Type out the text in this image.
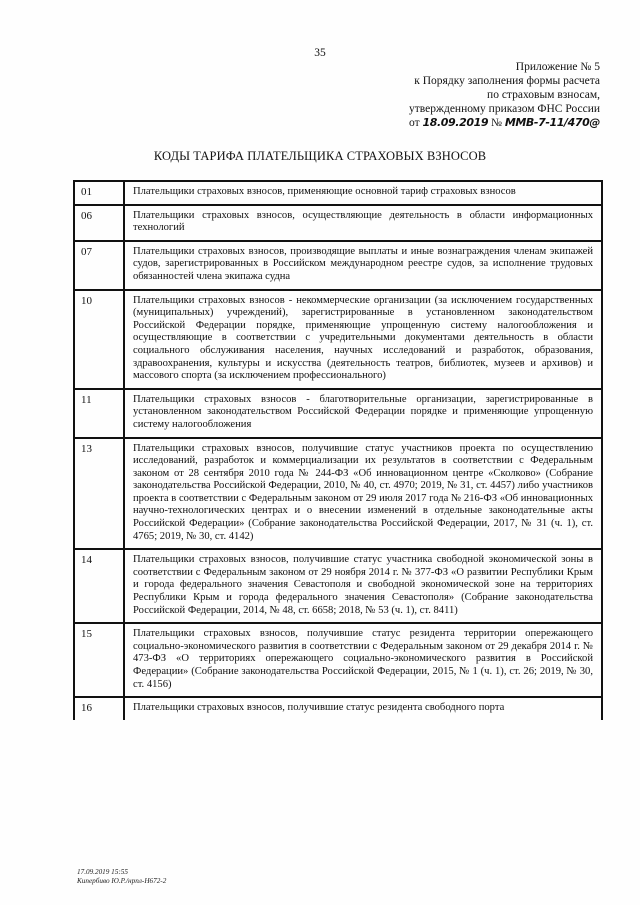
35
Приложение № 5
к Порядку заполнения формы расчета
по страховым взносам,
утвержденному приказом ФНС России
от 18.09.2019 № ММВ-7-11/470@
КОДЫ ТАРИФА ПЛАТЕЛЬЩИКА СТРАХОВЫХ ВЗНОСОВ
01	Плательщики страховых взносов, применяющие основной тариф страховых взносов
06	Плательщики страховых взносов, осуществляющие деятельность в области информационных технологий
07	Плательщики страховых взносов, производящие выплаты и иные вознаграждения членам экипажей судов, зарегистрированных в Российском международном реестре судов, за исполнение трудовых обязанностей члена экипажа судна
10	Плательщики страховых взносов - некоммерческие организации (за исключением государственных (муниципальных) учреждений), зарегистрированные в установленном законодательством Российской Федерации порядке, применяющие упрощенную систему налогообложения и осуществляющие в соответствии с учредительными документами деятельность в области социального обслуживания населения, научных исследований и разработок, образования, здравоохранения, культуры и искусства (деятельность театров, библиотек, музеев и архивов) и массового спорта (за исключением профессионального)
11	Плательщики страховых взносов - благотворительные организации, зарегистрированные в установленном законодательством Российской Федерации порядке и применяющие упрощенную систему налогообложения
13	Плательщики страховых взносов, получившие статус участников проекта по осуществлению исследований, разработок и коммерциализации их результатов в соответствии с Федеральным законом от 28 сентября 2010 года № 244-ФЗ «Об инновационном центре «Сколково» (Собрание законодательства Российской Федерации, 2010, № 40, ст. 4970; 2019, № 31, ст. 4457) либо участников проекта в соответствии с Федеральным законом от 29 июля 2017 года № 216-ФЗ «Об инновационных научно-технологических центрах и о внесении изменений в отдельные законодательные акты Российской Федерации» (Собрание законодательства Российской Федерации, 2017, № 31 (ч. 1), ст. 4765; 2019, № 30, ст. 4142)
14	Плательщики страховых взносов, получившие статус участника свободной экономической зоны в соответствии с Федеральным законом от 29 ноября 2014 г. № 377-ФЗ «О развитии Республики Крым и города федерального значения Севастополя и свободной экономической зоне на территориях Республики Крым и города федерального значения Севастополя» (Собрание законодательства Российской Федерации, 2014, № 48, ст. 6658; 2018, № 53 (ч. 1), ст. 8411)
15	Плательщики страховых взносов, получившие статус резидента территории опережающего социально-экономического развития в соответствии с Федеральным законом от 29 декабря 2014 г. № 473-ФЗ «О территориях опережающего социально-экономического развития в Российской Федерации» (Собрание законодательства Российской Федерации, 2015, № 1 (ч. 1), ст. 26; 2019, № 30, ст. 4156)
16	Плательщики страховых взносов, получившие статус резидента свободного порта
17.09.2019 15:55
Кипербиво Ю.Р./нрпл-Н672-2
